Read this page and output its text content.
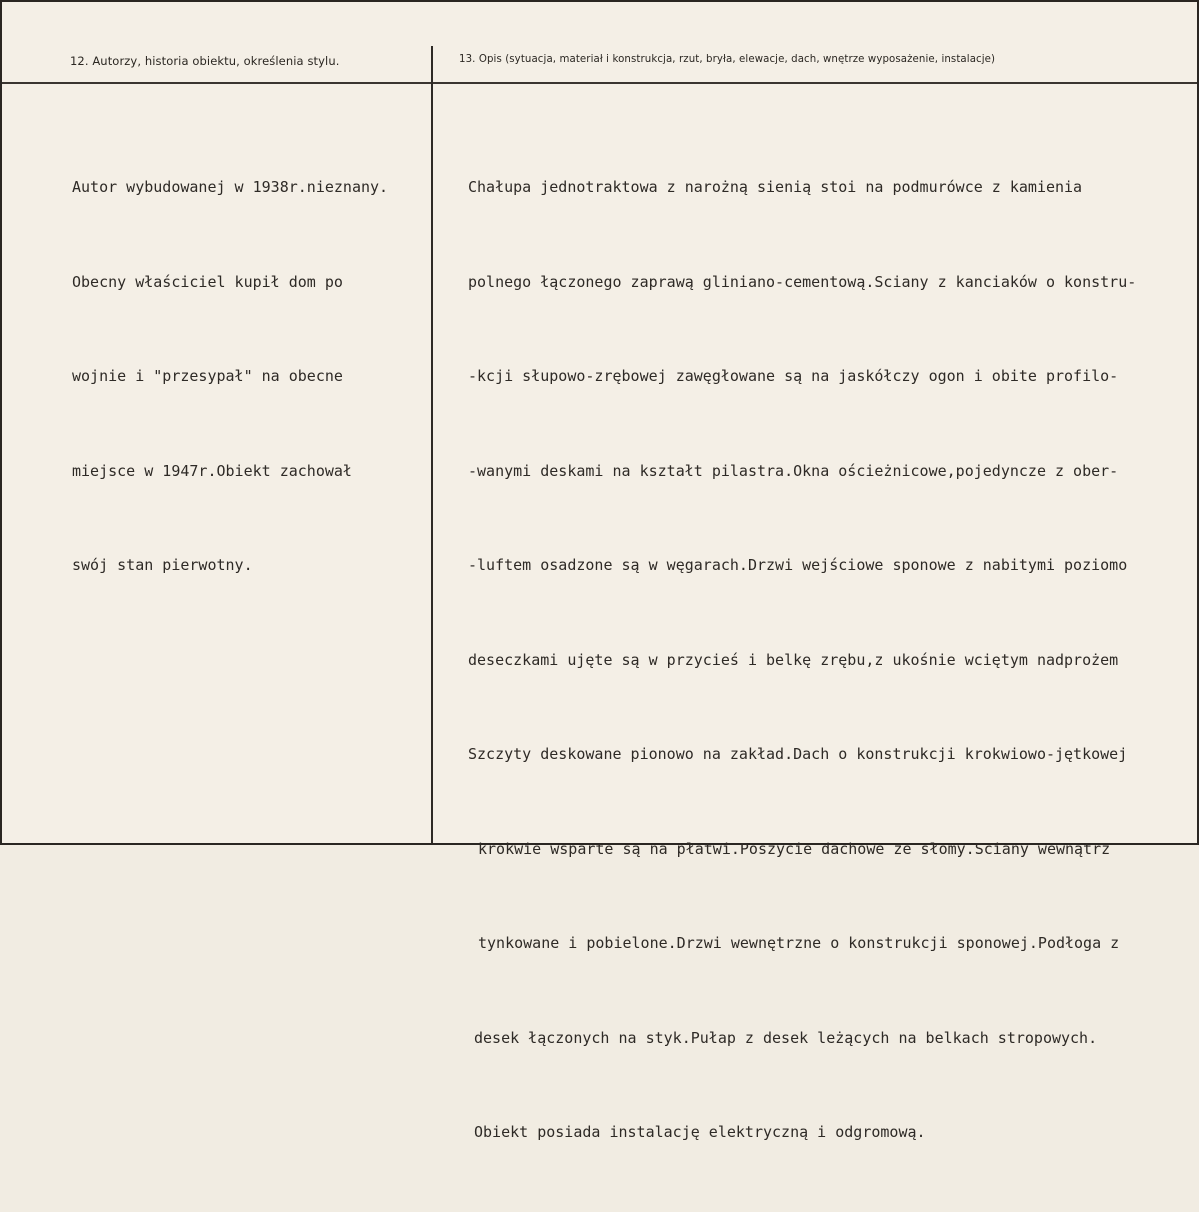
12. Autorzy, historia obiektu, określenia stylu.	13. Opis (sytuacja, materiał i konstrukcja, rzut, bryła, elewacje, dach, wnętrze wyposażenie, instalacje)

Autor wybudowanej w 1938r.nieznany.

Obecny właściciel kupił dom po

wojnie i "przesypał" na obecne

miejsce w 1947r.Obiekt zachował

swój stan pierwotny.

Chałupa jednotraktowa z narożną sienią stoi na podmurówce z kamienia

polnego łączonego zaprawą gliniano-cementową.Sciany z kanciaków o konstru-

-kcji słupowo-zrębowej zawęgłowane są na jaskółczy ogon i obite profilo-

-wanymi deskami na kształt pilastra.Okna ościeżnicowe,pojedyncze z ober-

-luftem osadzone są w węgarach.Drzwi wejściowe sponowe z nabitymi poziomo

deseczkami ujęte są w przycieś i belkę zrębu,z ukośnie wciętym nadprożem

Szczyty deskowane pionowo na zakład.Dach o konstrukcji krokwiowo-jętkowej

krokwie wsparte są na płatwi.Poszycie dachowe ze słomy.Sciany wewnątrz

tynkowane i pobielone.Drzwi wewnętrzne o konstrukcji sponowej.Podłoga z

desek łączonych na styk.Pułap z desek leżących na belkach stropowych.

Obiekt posiada instalację elektryczną i odgromową.
